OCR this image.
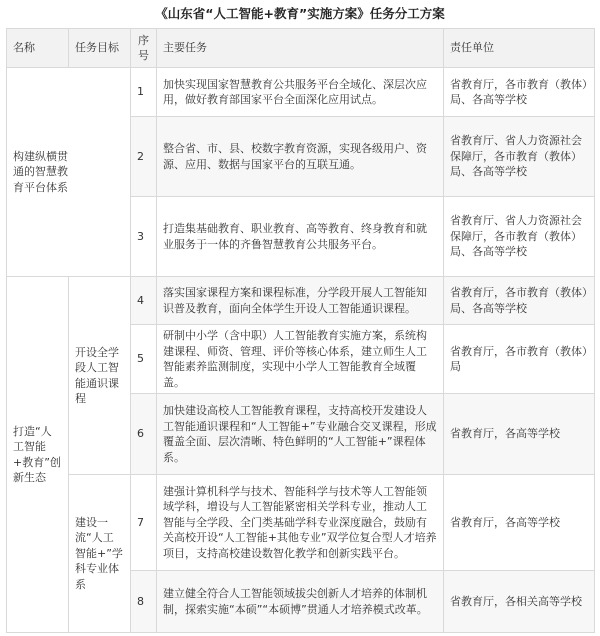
《山东省“人工智能+教育”实施方案》任务分工方案
名称	任务目标	序号	主要任务	责任单位

构建纵横贯通的智慧教育平台体系		1	加快实现国家智慧教育公共服务平台全域化、深层次应用，做好教育部国家平台全面深化应用试点。	省教育厅，各市教育（教体）局、各高等学校

		2	整合省、市、县、校数字教育资源，实现各级用户、资源、应用、数据与国家平台的互联互通。	省教育厅、省人力资源社会保障厅，各市教育（教体）局、各高等学校

		3	打造集基础教育、职业教育、高等教育、终身教育和就业服务于一体的齐鲁智慧教育公共服务平台。	省教育厅、省人力资源社会保障厅，各市教育（教体）局、各高等学校

打造“人工智能+教育”创新生态	开设全学段人工智能通识课程	4	落实国家课程方案和课程标准，分学段开展人工智能知识普及教育，面向全体学生开设人工智能通识课程。	省教育厅，各市教育（教体）局、各高等学校

		5	研制中小学（含中职）人工智能教育实施方案，系统构建课程、师资、管理、评价等核心体系，建立师生人工智能素养监测制度，实现中小学人工智能教育全域覆盖。	省教育厅，各市教育（教体）局

		6	加快建设高校人工智能教育课程，支持高校开发建设人工智能通识课程和“人工智能+”专业融合交叉课程，形成覆盖全面、层次清晰、特色鲜明的“人工智能+”课程体系。	省教育厅，各高等学校

	建设一流“人工智能+”学科专业体系	7	建强计算机科学与技术、智能科学与技术等人工智能领域学科，增设与人工智能紧密相关学科专业，推动人工智能与全学段、全门类基础学科专业深度融合，鼓励有关高校开设“人工智能+其他专业”双学位复合型人才培养项目，支持高校建设数智化教学和创新实践平台。	省教育厅，各高等学校

		8	建立健全符合人工智能领域拔尖创新人才培养的体制机制，探索实施“本硕”“本硕博”贯通人才培养模式改革。	省教育厅，各相关高等学校
